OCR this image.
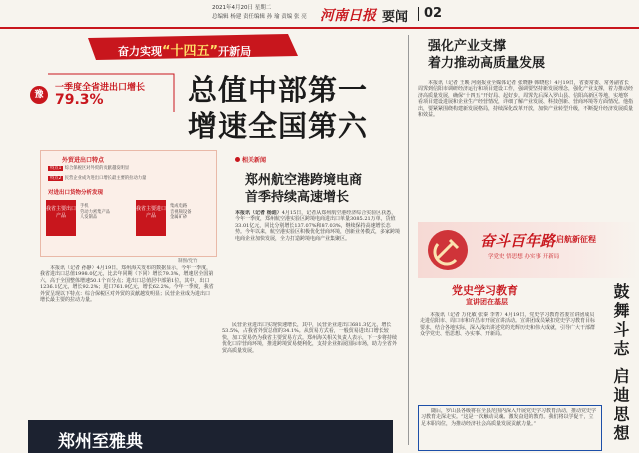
2021年4月20日 星期二
总编辑 杨建 责任编辑 孙 瑜 责编 张 亮 河南日报 要闻 02
奋力实现“十四五”开新局
豫
一季度全省进出口增长
79.3%	总值中部第一
增速全国第六
外贸进出口特点
特点1 综合保税区对外贸的贡献越发明显
特点2 民营企业成为进出口增长最主要的拉动力量
对进出口货物分析发现
我省主要出口产品
手机
劳动力密集产品
人发制品
我省主要进口产品
集成电路
音视频设备
金属矿砂
制图/党竹
本报讯（记者 孙静）4月19日，郑州海关发布的数据显示，今年一季度，我省进出口总值1998.0亿元，比去年同期（下同）增长79.3%，增速居全国第六，高于全国整体增速50.1个百分点；进出口总值居中部第1位。其中，出口1236.1亿元，增长92.2%；进口761.9亿元，增长62.2%。今年一季度，我省外贸呈现以下特点：综合保税区对外贸的贡献越发明显；民营企业成为进出口增长最主要的拉动力量。
民营企业进出口实现快速增长，其中，民营企业进出口681.3亿元，增长53.5%，占我省外贸总值的34.1%。从贸易方式看，一般贸易进出口增长较快，加工贸易仍为我省主要贸易方式。郑州海关相关负责人表示，下一步将持续优化口岸营商环境，推进跨境贸易便利化，支持企业拓展国际市场，助力全省外贸高质量发展。
相关新闻
郑州航空港跨境电商
首季持续高速增长
本报讯（记者 杨迪）4月15日，记者从郑州航空港经济综合实验区获悉，今年一季度，郑州航空港实验区跨境电商进出口单量3085.21万单，货值33.01亿元，同比分别增长137.07%和87.03%，继续保持高速增长态势。今年以来，航空港实验区积极优化营商环境，创新业务模式，多家跨境电商企业加快发展，全力打造跨境电商产业集聚区。
强化产业支撑
着力推动高质量发展
本报讯（记者 王映 河南报业全媒体记者 张晓静 韩晓松）4月19日，省委常委、常务副省长周霁到信阳市调研经济运行和项目建设工作，强调要坚持新发展理念，强化产业支撑，着力推动经济高质量发展，确保“十四五”开好局、起好步。周霁先后深入罗山县、信阳高新区等地，实地察看项目建设进展和企业生产经营情况，详细了解产业发展、科技创新、营商环境等方面情况。他指出，要紧紧围绕构建新发展格局，持续深化改革开放，加快产业转型升级，不断提升经济发展质量和效益。
奋斗百年路 启航新征程
学党史 悟思想 办实事 开新局
党史学习教育
宣讲团在基层	鼓舞斗志 启迪思想
本报讯（记者 万化敏 张秦 李菁）4月19日，党史学习教育省委宣讲团成员走进信阳市、周口市和许昌市开展宣讲活动。宣讲团成员紧扣党史学习教育目标要求，结合各地实际，深入浅出讲述党的光辉历史和伟大成就，引导广大干部群众学党史、悟思想、办实事、开新局。
随后，罗山县各级将在全县范围内深入开展党史学习教育活动，推动党史学习教育走深走实。“这是一次触动灵魂、激发奋进的教育。我们将以学促干，立足本职岗位，为推动经济社会高质量发展贡献力量。”
郑州至雅典
